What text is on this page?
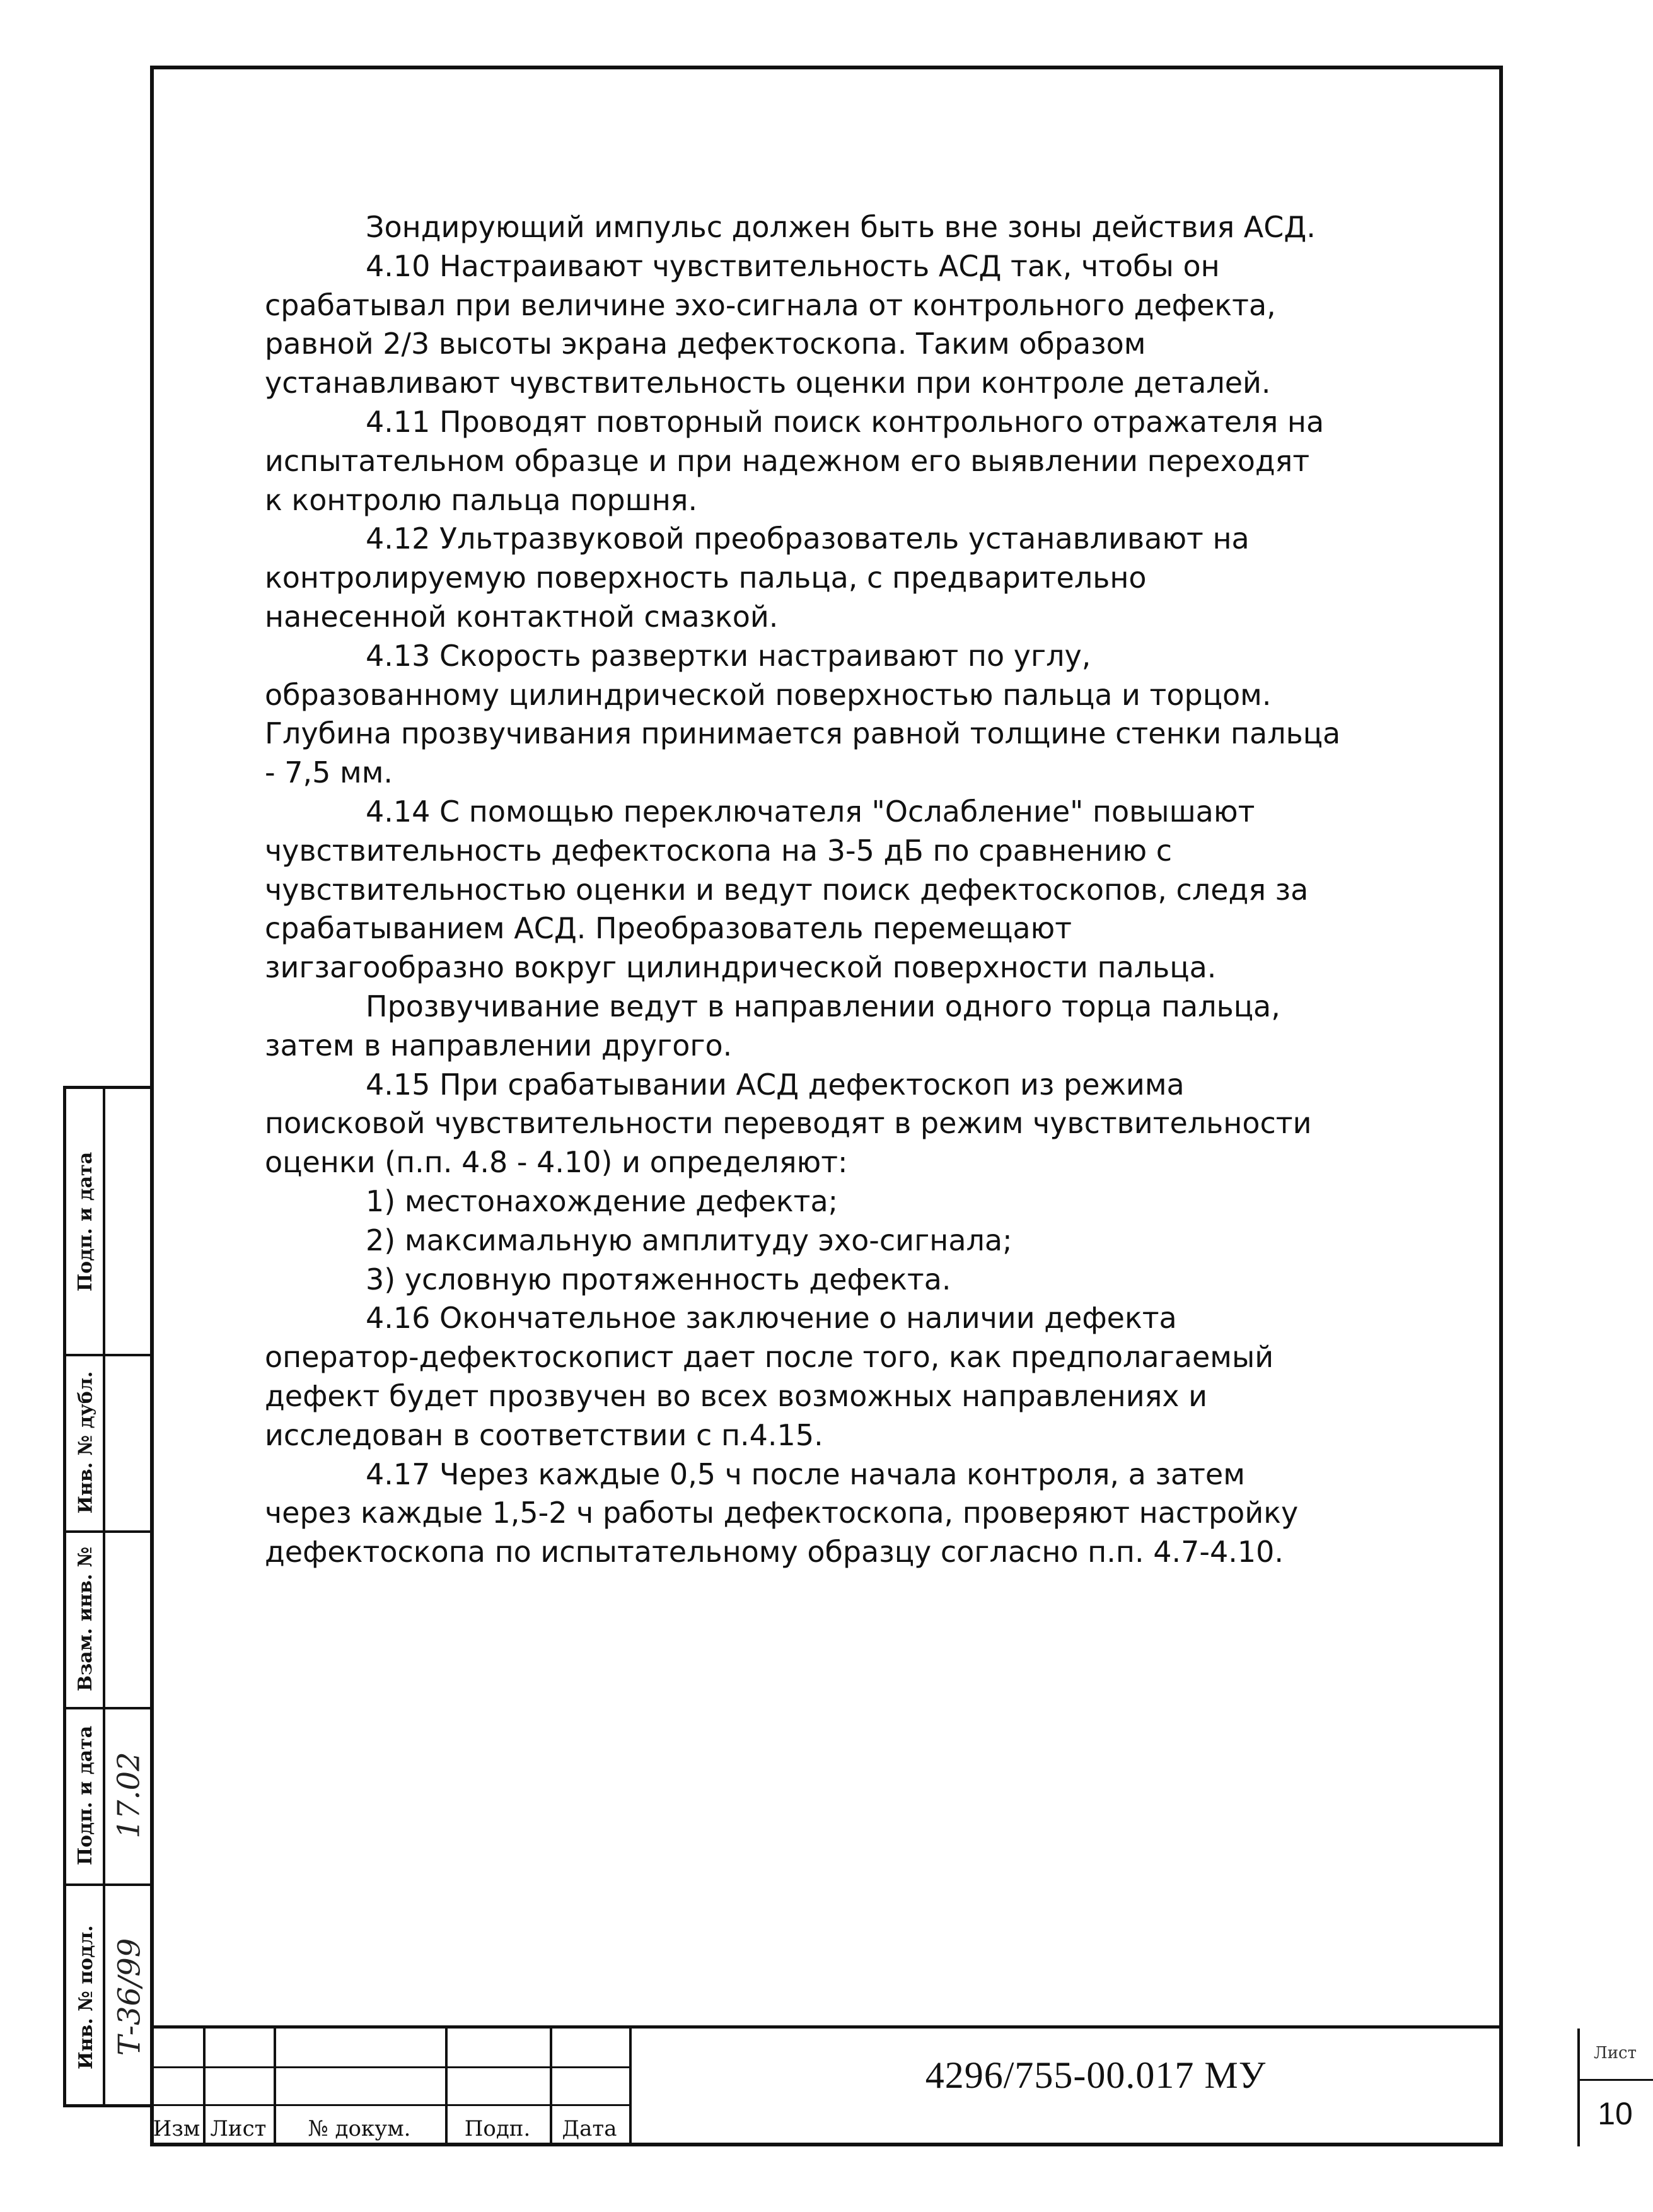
Зондирующий импульс должен быть вне зоны действия АСД.

4.10 Настраивают чувствительность АСД так, чтобы он

срабатывал при величине эхо-сигнала от контрольного дефекта,

равной 2/3 высоты экрана дефектоскопа. Таким образом

устанавливают чувствительность оценки при контроле деталей.

4.11 Проводят повторный поиск контрольного отражателя на

испытательном образце и при надежном его выявлении переходят

к контролю пальца поршня.

4.12 Ультразвуковой преобразователь устанавливают на

контролируемую поверхность пальца, с предварительно

нанесенной контактной смазкой.

4.13 Скорость развертки настраивают по углу,

образованному цилиндрической поверхностью пальца и торцом.

Глубина прозвучивания принимается равной толщине стенки пальца

- 7,5 мм.

4.14 С помощью переключателя "Ослабление" повышают

чувствительность дефектоскопа на 3-5 дБ по сравнению с

чувствительностью оценки и ведут поиск дефектоскопов, следя за

срабатыванием АСД. Преобразователь перемещают

зигзагообразно вокруг цилиндрической поверхности пальца.

Прозвучивание ведут в направлении одного торца пальца,

затем в направлении другого.

4.15 При срабатывании АСД дефектоскоп из режима

поисковой чувствительности переводят в режим чувствительности

оценки (п.п. 4.8 - 4.10) и определяют:

1) местонахождение дефекта;

2) максимальную амплитуду эхо-сигнала;

3) условную протяженность дефекта.

4.16 Окончательное заключение о наличии дефекта

оператор-дефектоскопист дает после того, как предполагаемый

дефект будет прозвучен во всех возможных направлениях и

исследован в соответствии с п.4.15.

4.17 Через каждые 0,5 ч после начала контроля, а затем

через каждые 1,5-2 ч работы дефектоскопа, проверяют настройку

дефектоскопа по испытательному образцу согласно п.п. 4.7-4.10.

Подп. и дата
Инв. № дубл.
Взам. инв. №
Подп. и дата
Инв. № подл.
17.02
Т-36/99
Изм Лист	№ докум.	Подп.	Дата
4296/755-00.017 МУ
Лист
10
